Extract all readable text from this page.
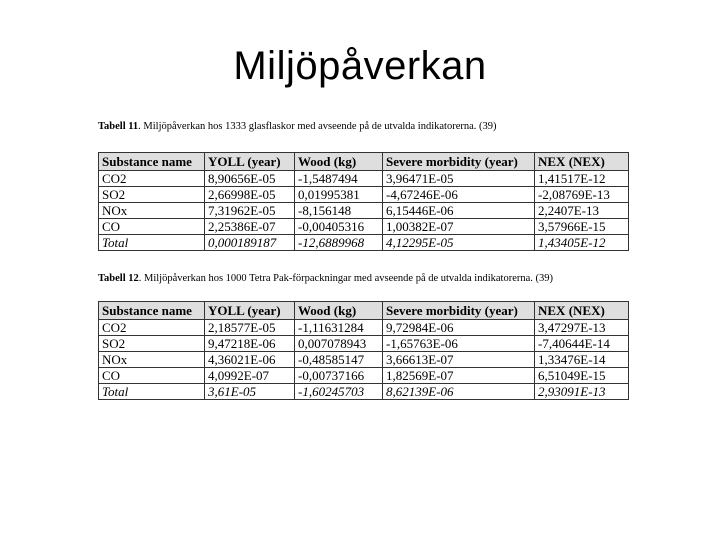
Miljöpåverkan
Tabell 11. Miljöpåverkan hos 1333 glasflaskor med avseende på de utvalda indikatorerna. (39)
Substance name	YOLL (year)	Wood (kg)	Severe morbidity (year)	NEX (NEX)
CO2	8,90656E-05	-1,5487494	3,96471E-05	1,41517E-12
SO2	2,66998E-05	0,01995381	-4,67246E-06	-2,08769E-13
NOx	7,31962E-05	-8,156148	6,15446E-06	2,2407E-13
CO	2,25386E-07	-0,00405316	1,00382E-07	3,57966E-15
Total	0,000189187	-12,6889968	4,12295E-05	1,43405E-12
Tabell 12. Miljöpåverkan hos 1000 Tetra Pak-förpackningar med avseende på de utvalda indikatorerna. (39)
Substance name	YOLL (year)	Wood (kg)	Severe morbidity (year)	NEX (NEX)
CO2	2,18577E-05	-1,11631284	9,72984E-06	3,47297E-13
SO2	9,47218E-06	0,007078943	-1,65763E-06	-7,40644E-14
NOx	4,36021E-06	-0,48585147	3,66613E-07	1,33476E-14
CO	4,0992E-07	-0,00737166	1,82569E-07	6,51049E-15
Total	3,61E-05	-1,60245703	8,62139E-06	2,93091E-13
